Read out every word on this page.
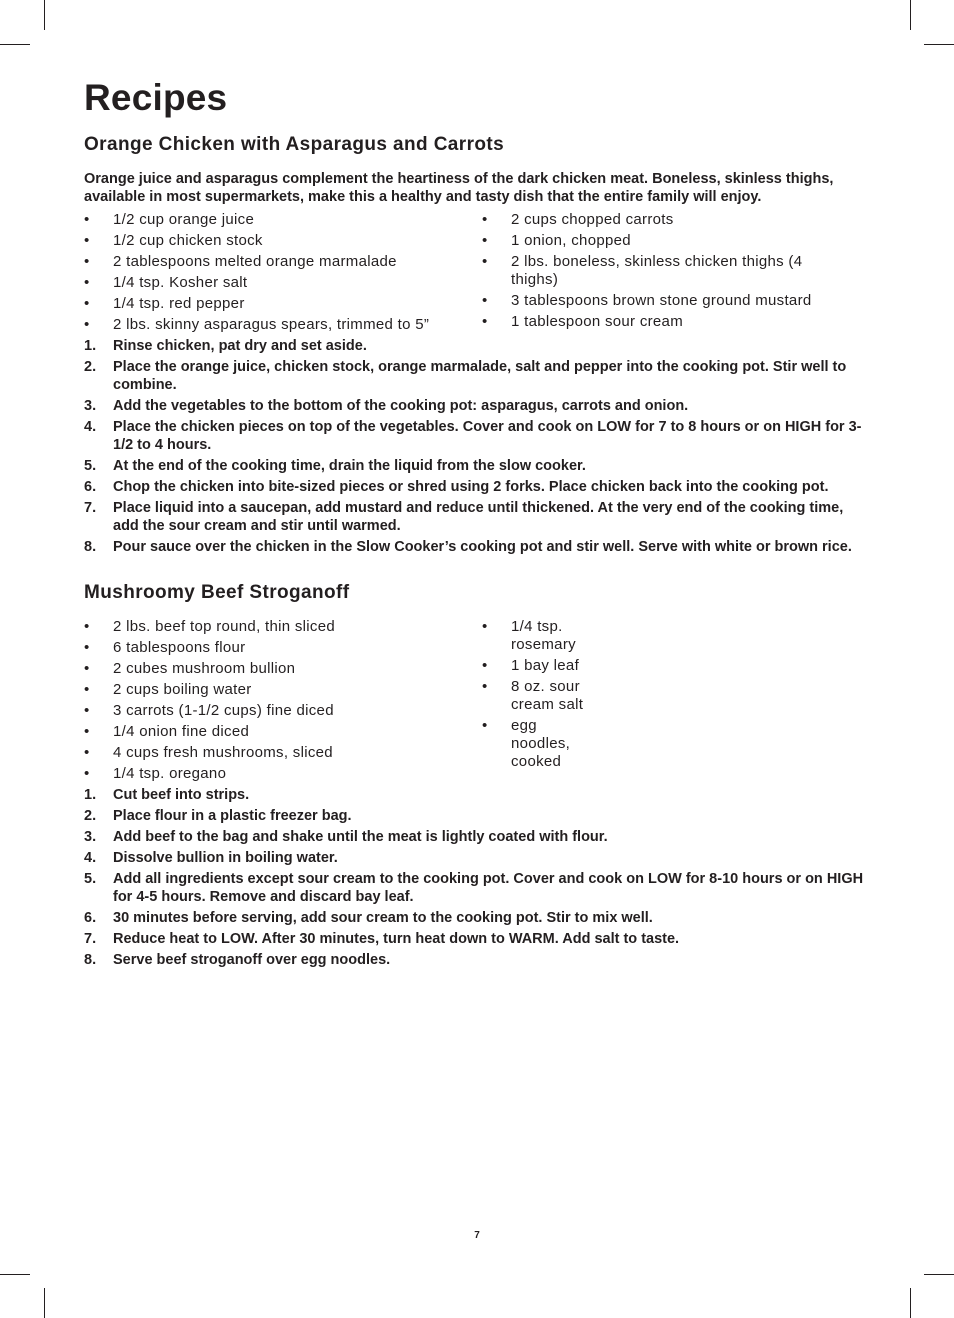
Recipes
Orange Chicken with Asparagus and Carrots

Orange juice and asparagus complement the heartiness of the dark chicken meat. Boneless, skinless thighs, available in most supermarkets, make this a healthy and tasty dish that the entire family will enjoy.

• 1/2 cup orange juice
• 1/2 cup chicken stock
• 2 tablespoons melted orange marmalade
• 1/4 tsp. Kosher salt
• 1/4 tsp. red pepper
• 2 lbs. skinny asparagus spears, trimmed to 5”
• 2 cups chopped carrots
• 1 onion, chopped
• 2 lbs. boneless, skinless chicken thighs (4 thighs)
• 3 tablespoons brown stone ground mustard
• 1 tablespoon sour cream
1. Rinse chicken, pat dry and set aside.
2. Place the orange juice, chicken stock, orange marmalade, salt and pepper into the cooking pot. Stir well to combine.
3. Add the vegetables to the bottom of the cooking pot: asparagus, carrots and onion.
4. Place the chicken pieces on top of the vegetables. Cover and cook on LOW for 7 to 8 hours or on HIGH for 3-1/2 to 4 hours.
5. At the end of the cooking time, drain the liquid from the slow cooker.
6. Chop the chicken into bite-sized pieces or shred using 2 forks. Place chicken back into the cooking pot.
7. Place liquid into a saucepan, add mustard and reduce until thickened. At the very end of the cooking time, add the sour cream and stir until warmed.
8. Pour sauce over the chicken in the Slow Cooker’s cooking pot and stir well. Serve with white or brown rice.
Mushroomy Beef Stroganoff
• 2 lbs. beef top round, thin sliced
• 6 tablespoons flour
• 2 cubes mushroom bullion
• 2 cups boiling water
• 3 carrots (1-1/2 cups) fine diced
• 1/4 onion fine diced
• 4 cups fresh mushrooms, sliced
• 1/4 tsp. oregano
• 1/4 tsp. rosemary
• 1 bay leaf
• 8 oz. sour cream salt
• egg noodles, cooked
1. Cut beef into strips.
2. Place flour in a plastic freezer bag.
3. Add beef to the bag and shake until the meat is lightly coated with flour.
4. Dissolve bullion in boiling water.
5. Add all ingredients except sour cream to the cooking pot. Cover and cook on LOW for 8-10 hours or on HIGH for 4-5 hours. Remove and discard bay leaf.
6. 30 minutes before serving, add sour cream to the cooking pot. Stir to mix well.
7. Reduce heat to LOW. After 30 minutes, turn heat down to WARM. Add salt to taste.
8. Serve beef stroganoff over egg noodles.
7
